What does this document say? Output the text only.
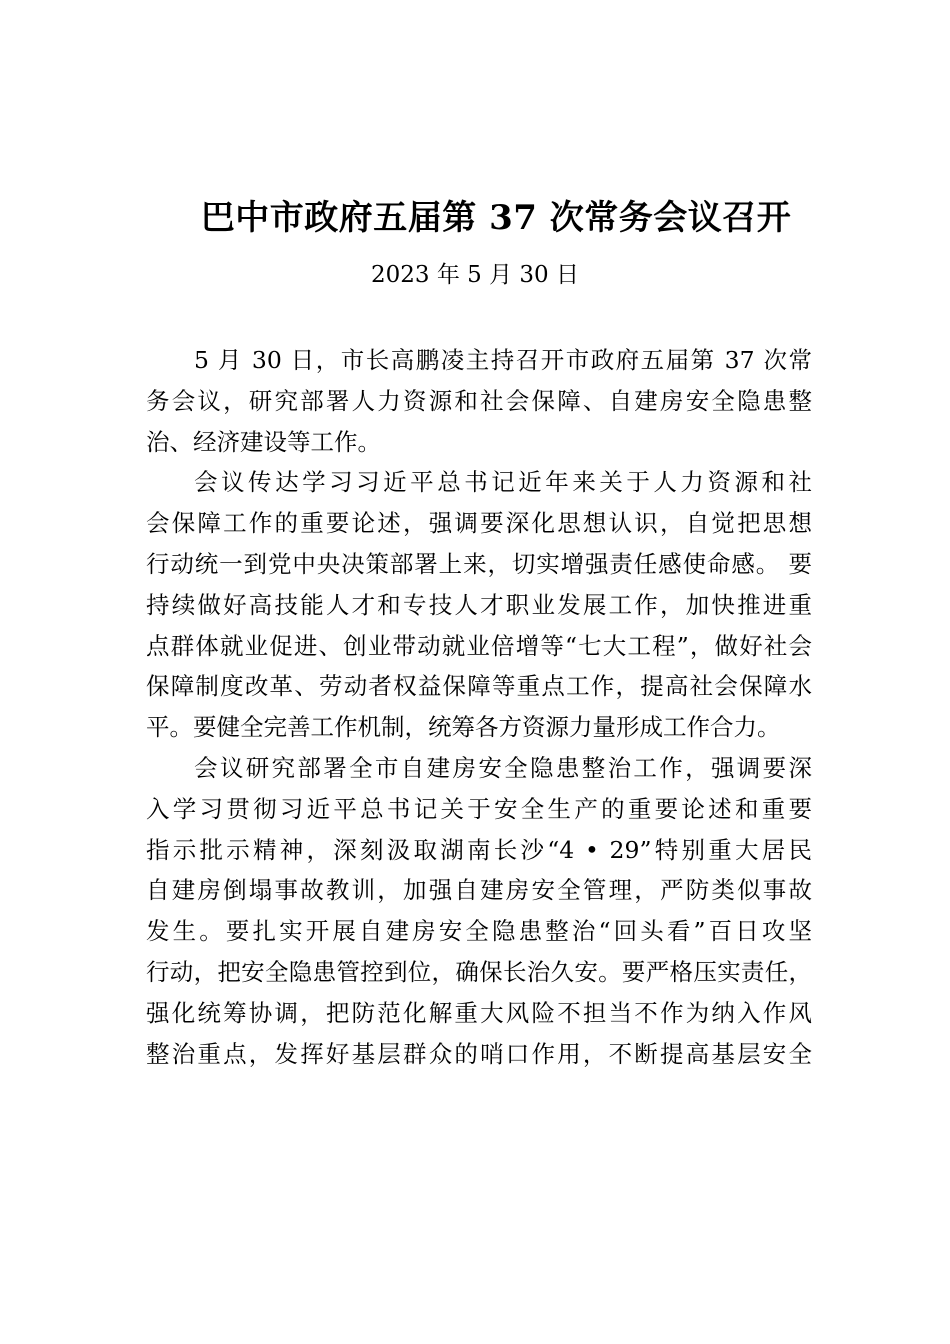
巴中市政府五届第 37 次常务会议召开
2023 年 5 月 30 日
5 月 30 日，市长高鹏凌主持召开市政府五届第 37 次常
务会议，研究部署人力资源和社会保障、自建房安全隐患整
治、经济建设等工作。
会议传达学习习近平总书记近年来关于人力资源和社
会保障工作的重要论述，强调要深化思想认识，自觉把思想
行动统一到党中央决策部署上来，切实增强责任感使命感。 要
持续做好高技能人才和专技人才职业发展工作，加快推进重
点群体就业促进、创业带动就业倍增等“七大工程”，做好社会
保障制度改革、劳动者权益保障等重点工作，提高社会保障水
平。要健全完善工作机制，统筹各方资源力量形成工作合力。
会议研究部署全市自建房安全隐患整治工作，强调要深
入学习贯彻习近平总书记关于安全生产的重要论述和重要
指示批示精神，深刻汲取湖南长沙“4 • 29”特别重大居民
自建房倒塌事故教训，加强自建房安全管理，严防类似事故
发生。要扎实开展自建房安全隐患整治“回头看”百日攻坚
行动，把安全隐患管控到位，确保长治久安。要严格压实责任，
强化统筹协调，把防范化解重大风险不担当不作为纳入作风
整治重点，发挥好基层群众的哨口作用，不断提高基层安全
